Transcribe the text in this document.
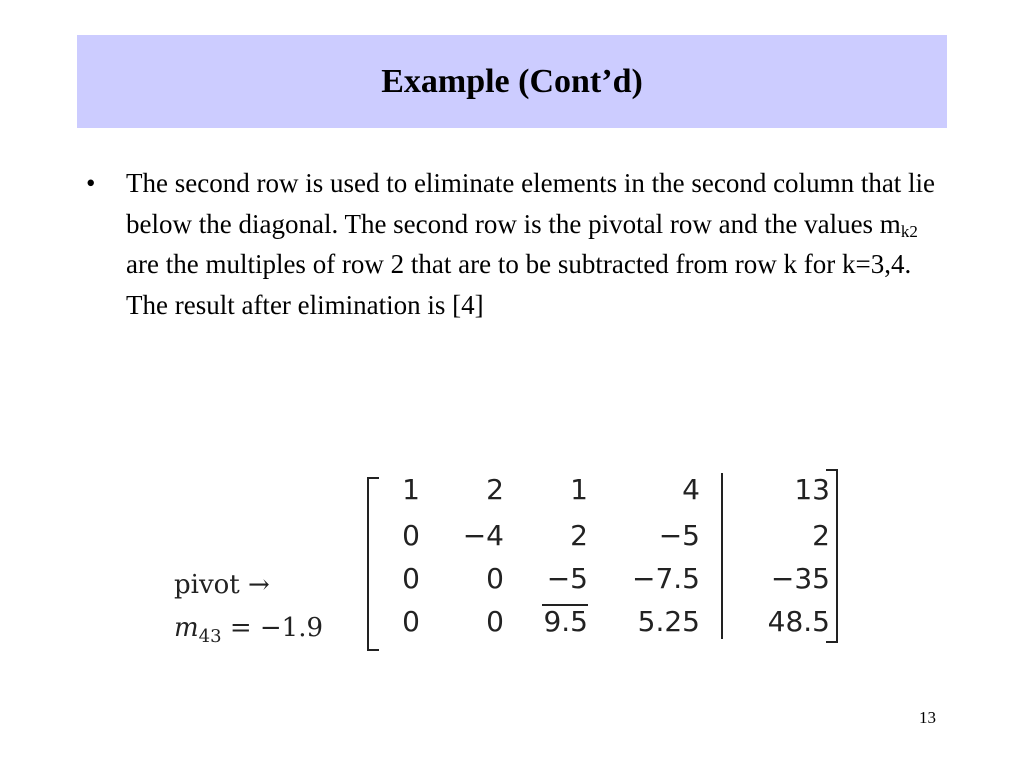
Example (Cont’d)
• The second row is used to eliminate elements in the second column that lie below the diagonal. The second row is the pivotal row and the values $m_{k2}$ are the multiples of row 2 that are to be subtracted from row k for k=3,4. The result after elimination is [4]
pivot →
$m_{43} = -1.9$
1	2	1	4	13
0	−4	2	−5	2
0	0	−5	−7.5	−35
0	0	9.5	5.25	48.5
13
